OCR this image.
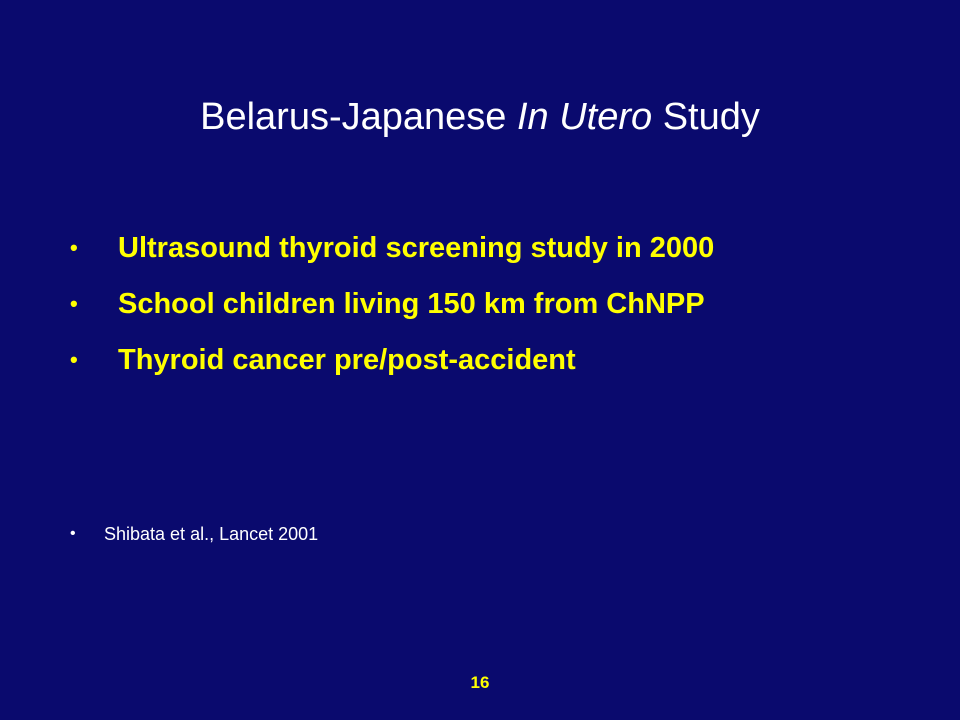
Belarus-Japanese In Utero Study
• Ultrasound thyroid screening study in 2000
• School children living 150 km from ChNPP
• Thyroid cancer pre/post-accident
• Shibata et al., Lancet 2001
16
